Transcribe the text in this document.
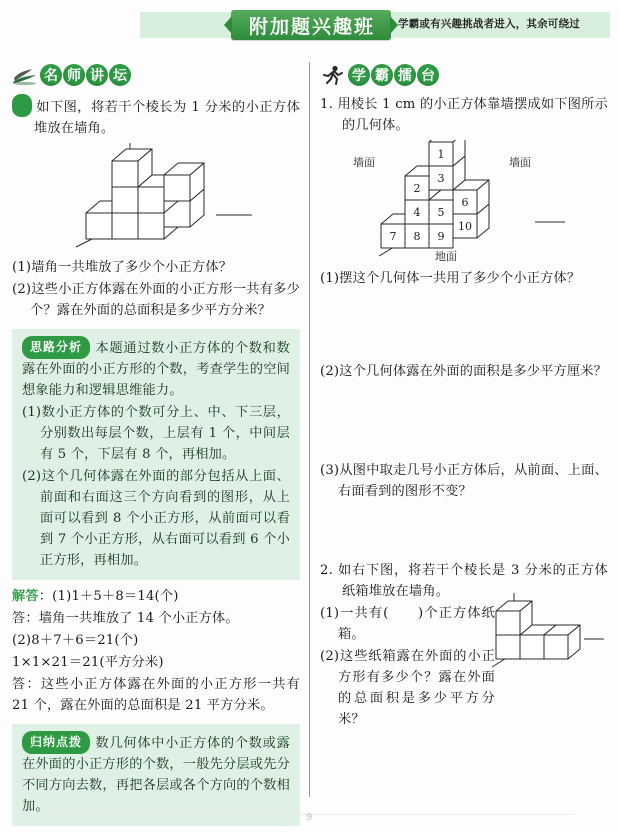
附加题兴趣班 学霸或有兴趣挑战者进入，其余可绕过
名 师 讲 坛

例 如下图，将若干个棱长为 1 分米的小正方体堆放在墙角。

(1)墙角一共堆放了多少个小正方体？

(2)这些小正方体露在外面的小正方形一共有多少个？露在外面的总面积是多少平方分米？

思路分析 本题通过数小正方体的个数和数露在外面的小正方形的个数，考查学生的空间想象能力和逻辑思维能力。

(1)数小正方体的个数可分上、中、下三层，分别数出每层个数，上层有 1 个，中间层有 5 个，下层有 8 个，再相加。

(2)这个几何体露在外面的部分包括从上面、前面和右面这三个方向看到的图形，从上面可以看到 8 个小正方形，从前面可以看到 7 个小正方形，从右面可以看到 6 个小正方形，再相加。

解答：(1)1＋5＋8＝14(个)

答：墙角一共堆放了 14 个小正方体。

(2)8＋7＋6＝21(个)

1×1×21＝21(平方分米)

答：这些小正方体露在外面的小正方形一共有 21 个，露在外面的总面积是 21 平方分米。

归纳点拨 数几何体中小正方体的个数或露在外面的小正方形的个数，一般先分层或先分不同方向去数，再把各层或各个方向的个数相加。

学 霸 擂 台

1. 用棱长 1 cm 的小正方体靠墙摆成如下图所示的几何体。

1
2
3
4 5
6
7 8 9
10
墙面	墙面
地面

(1)摆这个几何体一共用了多少个小正方体？

(2)这个几何体露在外面的面积是多少平方厘米？

(3)从图中取走几号小正方体后，从前面、上面、右面看到的图形不变？

2. 如右下图，将若干个棱长是 3 分米的正方体纸箱堆放在墙角。

(1)一共有(　　)个正方体纸箱。

(2)这些纸箱露在外面的小正方形有多少个？露在外面的总面积是多少平方分米？

9
